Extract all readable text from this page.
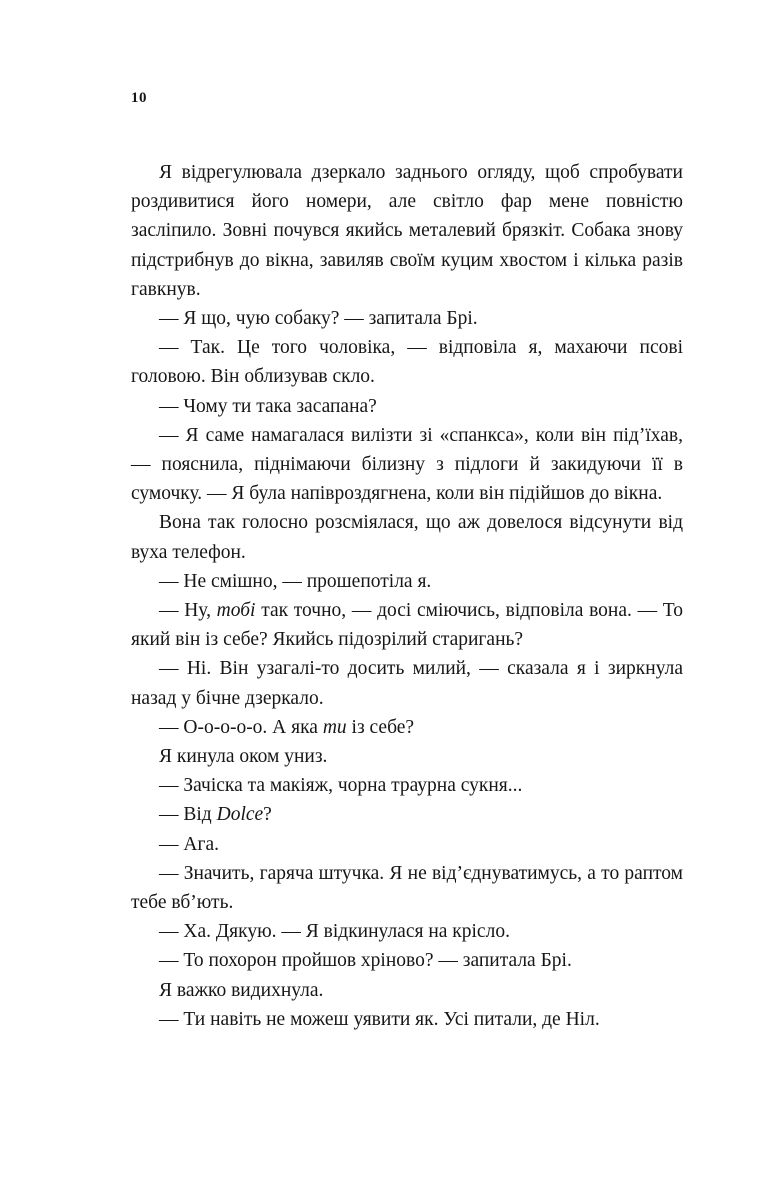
10

Я відрегулювала дзеркало заднього огляду, щоб спробувати роздивитися його номери, але світло фар мене повністю засліпило. Зовні почувся якийсь металевий брязкіт. Собака знову підстрибнув до вікна, завиляв своїм куцим хвостом і кілька разів гавкнув.

— Я що, чую собаку? — запитала Брі.

— Так. Це того чоловіка, — відповіла я, махаючи псові головою. Він облизував скло.

— Чому ти така засапана?

— Я саме намагалася вилізти зі «спанкса», коли він під’їхав, — пояснила, піднімаючи білизну з підлоги й закидуючи її в сумочку. — Я була напівроздягнена, коли він підійшов до вікна.

Вона так голосно розсміялася, що аж довелося відсунути від вуха телефон.

— Не смішно, — прошепотіла я.

— Ну, тобі так точно, — досі сміючись, відповіла вона. — То який він із себе? Якийсь підозрілий старигань?

— Ні. Він узагалі-то досить милий, — сказала я і зиркнула назад у бічне дзеркало.

— О-о-о-о-о. А яка ти із себе?

Я кинула оком униз.

— Зачіска та макіяж, чорна траурна сукня...

— Від Dolce?

— Ага.

— Значить, гаряча штучка. Я не від’єднуватимусь, а то раптом тебе вб’ють.

— Ха. Дякую. — Я відкинулася на крісло.

— То похорон пройшов хріново? — запитала Брі.

Я важко видихнула.

— Ти навіть не можеш уявити як. Усі питали, де Ніл.
